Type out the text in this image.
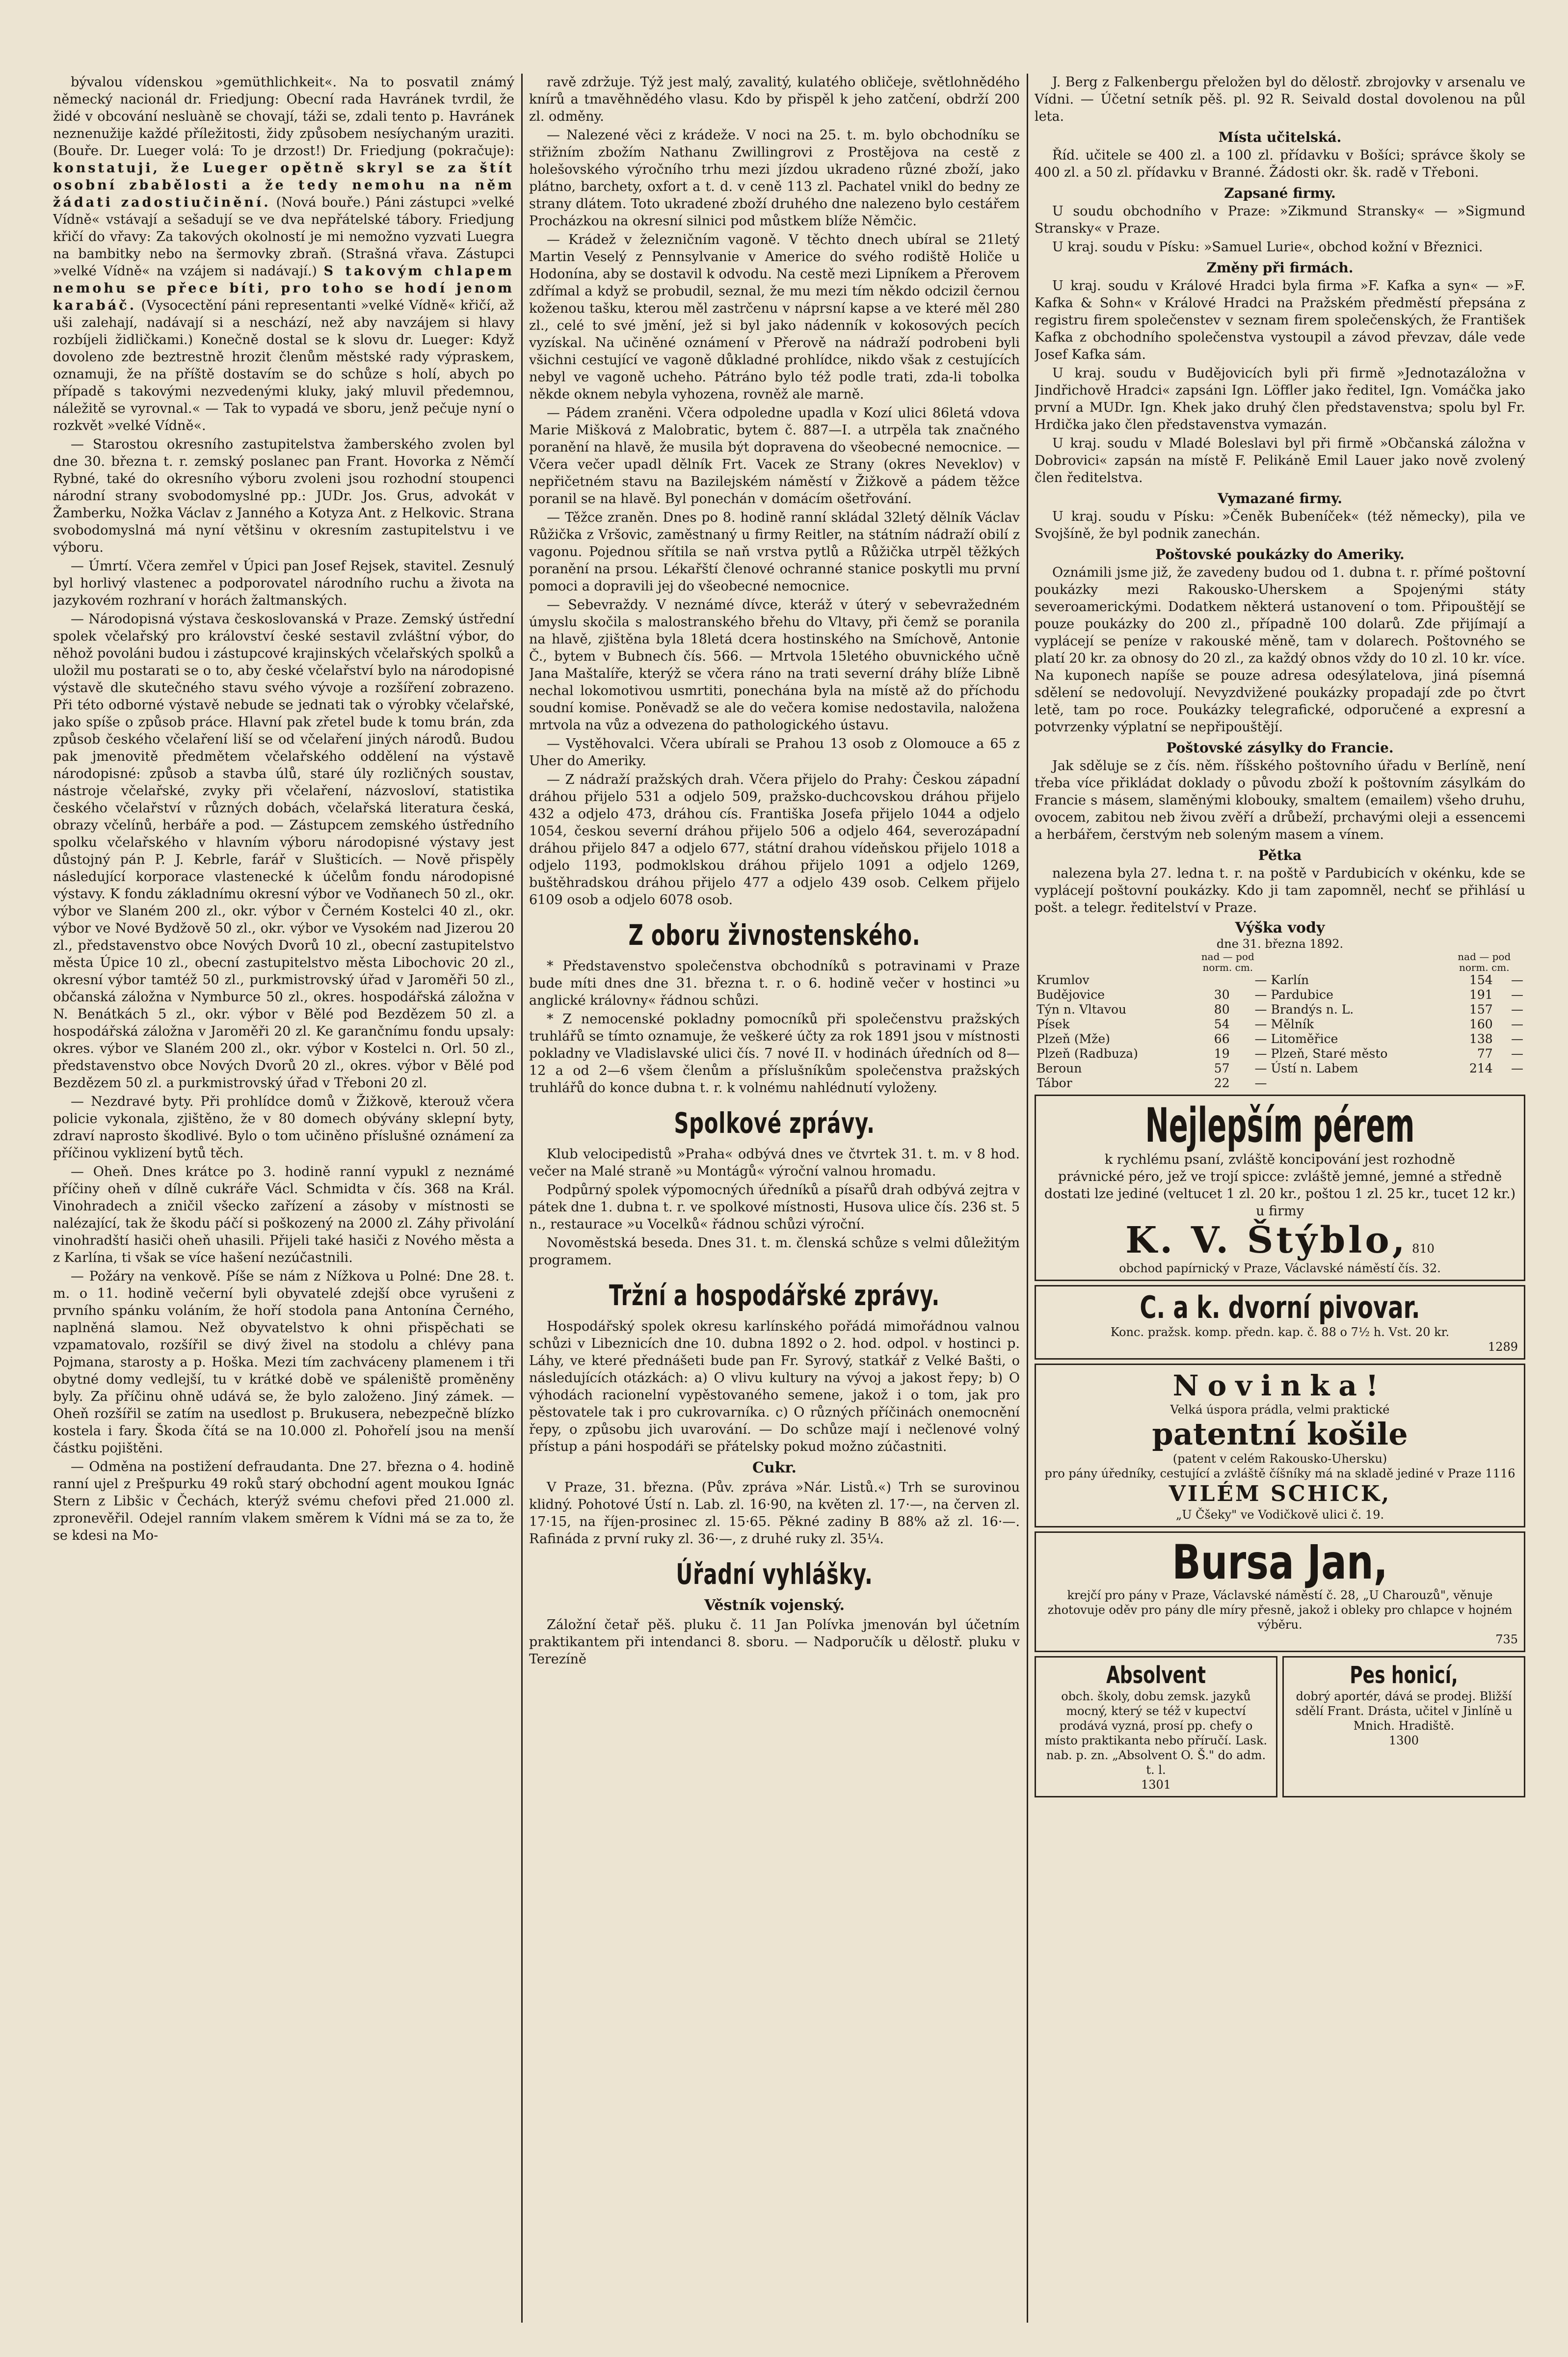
bývalou vídenskou »gemüthlichkeit«. Na to posvatil známý německý nacionál dr. Friedjung: Obecní rada Havránek tvrdil, že židé v obcování nesluàně se chovají, táži se, zdali tento p. Havránek neznenužije každé příležitosti, židy způsobem nesíychaným uraziti. (Bouře. Dr. Lueger volá: To je drzost!) Dr. Friedjung (pokračuje): konstatuji, že Lueger opětně skryl se za štít osobní zbabělosti a že tedy nemohu na něm žádati zadostiučinění. (Nová bouře.) Páni zástupci »velké Vídně« vstávají a sešadují se ve dva nepřátelské tábory. Friedjung křičí do vřavy: Za takových okolností je mi nemožno vyzvati Luegra na bambitky nebo na šermovky zbraň. (Strašná vřava. Zástupci »velké Vídně« na vzájem si nadávají.) S takovým chlapem nemohu se přece bíti, pro toho se hodí jenom karabáč. (Vysocectění páni representanti »velké Vídně« křičí, až uši zalehají, nadávají si a neschází, než aby navzájem si hlavy rozbíjeli židličkami.) Konečně dostal se k slovu dr. Lueger: Když dovoleno zde beztrestně hrozit členům městské rady výpraskem, oznamuji, že na příště dostavím se do schůze s holí, abych po případě s takovými nezvedenými kluky, jaký mluvil předemnou, náležitě se vyrovnal.« — Tak to vypadá ve sboru, jenž pečuje nyní o rozkvět »velké Vídně«.

— Starostou okresního zastupitelstva žamberského zvolen byl dne 30. března t. r. zemský poslanec pan Frant. Hovorka z Němčí Rybné, také do okresního výboru zvoleni jsou rozhodní stoupenci národní strany svobodomyslné pp.: JUDr. Jos. Grus, advokát v Žamberku, Nožka Václav z Janného a Kotyza Ant. z Helkovic. Strana svobodomyslná má nyní většinu v okresním zastupitelstvu i ve výboru.

— Úmrtí. Včera zemřel v Úpici pan Josef Rejsek, stavitel. Zesnulý byl horlivý vlastenec a podporovatel národního ruchu a života na jazykovém rozhraní v horách žaltmanských.

— Národopisná výstava českoslovanská v Praze. Zemský ústřední spolek včelařský pro království české sestavil zvláštní výbor, do něhož povoláni budou i zástupcové krajinských včelařských spolků a uložil mu postarati se o to, aby české včelařství bylo na národopisné výstavě dle skutečného stavu svého vývoje a rozšíření zobrazeno. Při této odborné výstavě nebude se jednati tak o výrobky včelařské, jako spíše o způsob práce. Hlavní pak zřetel bude k tomu brán, zda způsob českého včelaření liší se od včelaření jiných národů. Budou pak jmenovitě předmětem včelařského oddělení na výstavě národopisné: způsob a stavba úlů, staré úly rozličných soustav, nástroje včelařské, zvyky při včelaření, názvosloví, statistika českého včelařství v různých dobách, včelařská literatura česká, obrazy včelínů, herbáře a pod. — Zástupcem zemského ústředního spolku včelařského v hlavním výboru národopisné výstavy jest důstojný pán P. J. Kebrle, farář v Slušticích. — Nově přispěly následující korporace vlastenecké k účelům fondu národopisné výstavy. K fondu základnímu okresní výbor ve Vodňanech 50 zl., okr. výbor ve Slaném 200 zl., okr. výbor v Černém Kostelci 40 zl., okr. výbor ve Nové Bydžově 50 zl., okr. výbor ve Vysokém nad Jizerou 20 zl., představenstvo obce Nových Dvorů 10 zl., obecní zastupitelstvo města Úpice 10 zl., obecní zastupitelstvo města Libochovic 20 zl., okresní výbor tamtéž 50 zl., purkmistrovský úřad v Jaroměři 50 zl., občanská záložna v Nymburce 50 zl., okres. hospodářská záložna v N. Benátkách 5 zl., okr. výbor v Bělé pod Bezdězem 50 zl. a hospodářská záložna v Jaroměři 20 zl. Ke garančnímu fondu upsaly: okres. výbor ve Slaném 200 zl., okr. výbor v Kostelci n. Orl. 50 zl., představenstvo obce Nových Dvorů 20 zl., okres. výbor v Bělé pod Bezdězem 50 zl. a purkmistrovský úřad v Třeboni 20 zl.

— Nezdravé byty. Při prohlídce domů v Žižkově, kterouž včera policie vykonala, zjištěno, že v 80 domech obývány sklepní byty, zdraví naprosto škodlivé. Bylo o tom učiněno příslušné oznámení za příčinou vyklizení bytů těch.

— Oheň. Dnes krátce po 3. hodině ranní vypukl z neznámé příčiny oheň v dílně cukráře Václ. Schmidta v čís. 368 na Král. Vinohradech a zničil všecko zařízení a zásoby v místnosti se nalézající, tak že škodu páčí si poškozený na 2000 zl. Záhy přivolání vinohradští hasiči oheň uhasili. Přijeli také hasiči z Nového města a z Karlína, ti však se více hašení nezúčastnili.

— Požáry na venkově. Píše se nám z Nížkova u Polné: Dne 28. t. m. o 11. hodině večerní byli obyvatelé zdejší obce vyrušeni z prvního spánku voláním, že hoří stodola pana Antonína Černého, naplněná slamou. Než obyvatelstvo k ohni přispěchati se vzpamatovalo, rozšířil se divý živel na stodolu a chlévy pana Pojmana, starosty a p. Hoška. Mezi tím zachváceny plamenem i tři obytné domy vedlejší, tu v krátké době ve spáleniště proměněny byly. Za příčinu ohně udává se, že bylo založeno. Jiný zámek. — Oheň rozšířil se zatím na usedlost p. Brukusera, nebezpečně blízko kostela i fary. Škoda čítá se na 10.000 zl. Pohořelí jsou na menší částku pojištěni.

— Odměna na postižení defraudanta. Dne 27. března o 4. hodině ranní ujel z Prešpurku 49 roků starý obchodní agent moukou Ignác Stern z Libšic v Čechách, kterýž svému chefovi před 21.000 zl. zpronevěřil. Odejel ranním vlakem směrem k Vídni má se za to, že se kdesi na Mo-

ravě zdržuje. Týž jest malý, zavalitý, kulatého obličeje, světlohnědého knírů a tmavěhnědého vlasu. Kdo by přispěl k jeho zatčení, obdrží 200 zl. odměny.

— Nalezené věci z krádeže. V noci na 25. t. m. bylo obchodníku se střižním zbožím Nathanu Zwillingrovi z Prostějova na cestě z holešovského výročního trhu mezi jízdou ukradeno různé zboží, jako plátno, barchety, oxfort a t. d. v ceně 113 zl. Pachatel vnikl do bedny ze strany dlátem. Toto ukradené zboží druhého dne nalezeno bylo cestářem Procházkou na okresní silnici pod můstkem blíže Němčic.

— Krádež v železničním vagoně. V těchto dnech ubíral se 21letý Martin Veselý z Pennsylvanie v Americe do svého rodiště Holiče u Hodonína, aby se dostavil k odvodu. Na cestě mezi Lipníkem a Přerovem zdřímal a když se probudil, seznal, že mu mezi tím někdo odcizil černou koženou tašku, kterou měl zastrčenu v náprsní kapse a ve které měl 280 zl., celé to své jmění, jež si byl jako nádenník v kokosových pecích vyzískal. Na učiněné oznámení v Přerově na nádraží podrobeni byli všichni cestující ve vagoně důkladné prohlídce, nikdo však z cestujících nebyl ve vagoně ucheho. Pátráno bylo též podle trati, zda-li tobolka někde oknem nebyla vyhozena, rovněž ale marně.

— Pádem zraněni. Včera odpoledne upadla v Kozí ulici 86letá vdova Marie Mišková z Malobratic, bytem č. 887—I. a utrpěla tak značného poranění na hlavě, že musila být dopravena do všeobecné nemocnice. — Včera večer upadl dělník Frt. Vacek ze Strany (okres Neveklov) v nepřičetném stavu na Bazilejském náměstí v Žižkově a pádem těžce poranil se na hlavě. Byl ponechán v domácím ošetřování.

— Těžce zraněn. Dnes po 8. hodině ranní skládal 32letý dělník Václav Růžička z Vršovic, zaměstnaný u firmy Reitler, na státním nádraží obilí z vagonu. Pojednou sřítila se naň vrstva pytlů a Růžička utrpěl těžkých poranění na prsou. Lékařští členové ochranné stanice poskytli mu první pomoci a dopravili jej do všeobecné nemocnice.

— Sebevraždy. V neznámé dívce, kteráž v úterý v sebevražedném úmyslu skočila s malostranského břehu do Vltavy, při čemž se poranila na hlavě, zjištěna byla 18letá dcera hostinského na Smíchově, Antonie Č., bytem v Bubnech čís. 566. — Mrtvola 15letého obuvnického učně Jana Maštalíře, kterýž se včera ráno na trati severní dráhy blíže Libně nechal lokomotivou usmrtiti, ponechána byla na místě až do příchodu soudní komise. Poněvadž se ale do večera komise nedostavila, naložena mrtvola na vůz a odvezena do pathologického ústavu.

— Vystěhovalci. Včera ubírali se Prahou 13 osob z Olomouce a 65 z Uher do Ameriky.

— Z nádraží pražských drah. Včera přijelo do Prahy: Českou západní dráhou přijelo 531 a odjelo 509, pražsko-duchcovskou dráhou přijelo 432 a odjelo 473, dráhou cís. Františka Josefa přijelo 1044 a odjelo 1054, českou severní dráhou přijelo 506 a odjelo 464, severozápadní dráhou přijelo 847 a odjelo 677, státní drahou vídeňskou přijelo 1018 a odjelo 1193, podmoklskou dráhou přijelo 1091 a odjelo 1269, buštěhradskou dráhou přijelo 477 a odjelo 439 osob. Celkem přijelo 6109 osob a odjelo 6078 osob.

Z oboru živnostenského.

* Představenstvo společenstva obchodníků s potravinami v Praze bude míti dnes dne 31. března t. r. o 6. hodině večer v hostinci »u anglické královny« řádnou schůzi.

* Z nemocenské pokladny pomocníků při společenstvu pražských truhlářů se tímto oznamuje, že veškeré účty za rok 1891 jsou v místnosti pokladny ve Vladislavské ulici čís. 7 nové II. v hodinách úředních od 8—12 a od 2—6 všem členům a příslušníkům společenstva pražských truhlářů do konce dubna t. r. k volnému nahlédnutí vyloženy.

Spolkové zprávy.

Klub velocipedistů »Praha« odbývá dnes ve čtvrtek 31. t. m. v 8 hod. večer na Malé straně »u Montágů« výroční valnou hromadu.

Podpůrný spolek výpomocných úředníků a písařů drah odbývá zejtra v pátek dne 1. dubna t. r. ve spolkové místnosti, Husova ulice čís. 236 st. 5 n., restaurace »u Vocelků« řádnou schůzi výroční.

Novoměstská beseda. Dnes 31. t. m. členská schůze s velmi důležitým programem.

Tržní a hospodářské zprávy.

Hospodářský spolek okresu karlínského pořádá mimořádnou valnou schůzi v Libeznicích dne 10. dubna 1892 o 2. hod. odpol. v hostinci p. Láhy, ve které přednášeti bude pan Fr. Syrový, statkář z Velké Bašti, o následujících otázkách: a) O vlivu kultury na vývoj a jakost řepy; b) O výhodách racionelní vypěstovaného semene, jakož i o tom, jak pro pěstovatele tak i pro cukrovarníka. c) O různých příčinách onemocnění řepy, o způsobu jich uvarování. — Do schůze mají i nečlenové volný přístup a páni hospodáři se přátelsky pokud možno zúčastniti.

Cukr.

V Praze, 31. března. (Pův. zpráva »Nár. Listů.«) Trh se surovinou klidný. Pohotové Ústí n. Lab. zl. 16·90, na květen zl. 17·—, na červen zl. 17·15, na říjen-prosinec zl. 15·65. Pěkné zadiny B 88% až zl. 16·—. Rafináda z první ruky zl. 36·—, z druhé ruky zl. 35¼.

Úřadní vyhlášky.
Věstník vojenský.

Záložní četař pěš. pluku č. 11 Jan Polívka jmenován byl účetním praktikantem při intendanci 8. sboru. — Nadporučík u dělostř. pluku v Terezíně

J. Berg z Falkenbergu přeložen byl do dělostř. zbrojovky v arsenalu ve Vídni. — Účetní setník pěš. pl. 92 R. Seivald dostal dovolenou na půl leta.

Místa učitelská.

Říd. učitele se 400 zl. a 100 zl. přídavku v Bošíci; správce školy se 400 zl. a 50 zl. přídavku v Branné. Žádosti okr. šk. radě v Třeboni.

Zapsané firmy.

U soudu obchodního v Praze: »Zikmund Stransky« — »Sigmund Stransky« v Praze.

U kraj. soudu v Písku: »Samuel Lurie«, obchod kožní v Březnici.

Změny při firmách.

U kraj. soudu v Králové Hradci byla firma »F. Kafka a syn« — »F. Kafka & Sohn« v Králové Hradci na Pražském předměstí přepsána z registru firem společenstev v seznam firem společenských, že František Kafka z obchodního společenstva vystoupil a závod převzav, dále vede Josef Kafka sám.

U kraj. soudu v Budějovicích byli při firmě »Jednotazáložna v Jindřichově Hradci« zapsáni Ign. Löffler jako ředitel, Ign. Vomáčka jako první a MUDr. Ign. Khek jako druhý člen představenstva; spolu byl Fr. Hrdička jako člen představenstva vymazán.

U kraj. soudu v Mladé Boleslavi byl při firmě »Občanská záložna v Dobrovici« zapsán na místě F. Pelikáně Emil Lauer jako nově zvolený člen ředitelstva.

Vymazané firmy.

U kraj. soudu v Písku: »Čeněk Bubeníček« (též německy), pila ve Svojšíně, že byl podnik zanechán.

Poštovské poukázky do Ameriky.

Oznámili jsme již, že zavedeny budou od 1. dubna t. r. přímé poštovní poukázky mezi Rakousko-Uherskem a Spojenými státy severoamerickými. Dodatkem některá ustanovení o tom. Připouštějí se pouze poukázky do 200 zl., případně 100 dolarů. Zde přijímají a vyplácejí se peníze v rakouské měně, tam v dolarech. Poštovného se platí 20 kr. za obnosy do 20 zl., za každý obnos vždy do 10 zl. 10 kr. více. Na kuponech napíše se pouze adresa odesýlatelova, jiná písemná sdělení se nedovolují. Nevyzdvižené poukázky propadají zde po čtvrt letě, tam po roce. Poukázky telegrafické, odporučené a expresní a potvrzenky výplatní se nepřipouštějí.

Poštovské zásylky do Francie.

Jak sděluje se z čís. něm. říšského poštovního úřadu v Berlíně, není třeba více přikládat doklady o původu zboží k poštovním zásylkám do Francie s másem, slaměnými klobouky, smaltem (emailem) všeho druhu, ovocem, zabitou neb živou zvěří a drůbeží, prchavými oleji a essencemi a herbářem, čerstvým neb soleným masem a vínem.

Pětka

nalezena byla 27. ledna t. r. na poště v Pardubicích v okénku, kde se vyplácejí poštovní poukázky. Kdo ji tam zapomněl, nechť se přihlásí u pošt. a telegr. ředitelství v Praze.

Výška vody
dne 31. března 1892.
	nad — pod			nad — pod	
	norm. cm.			norm. cm.	
Krumlov		—	Karlín	154	—
Budějovice	30	—	Pardubice	191	—
Týn n. Vltavou	80	—	Brandýs n. L.	157	—
Písek	54	—	Mělník	160	—
Plzeň (Mže)	66	—	Litoměřice	138	—
Plzeň (Radbuza)	19	—	Plzeň, Staré město	77	—
Beroun	57	—	Ústí n. Labem	214	—
Tábor	22	—			
Nejlepším pérem
k rychlému psaní, zvláště koncipování jest rozhodně
právnické péro, jež ve trojí spicce: zvláště jemné, jemné a středně dostati lze jediné (veltucet 1 zl. 20 kr., poštou 1 zl. 25 kr., tucet 12 kr.) u firmy
K. V. Štýblo, 810
obchod papírnický v Praze, Václavské náměstí čís. 32.
C. a k. dvorní pivovar.
Konc. pražsk. komp. předn. kap. č. 88 o 7½ h. Vst. 20 kr.
1289
Novinka!
Velká úspora prádla, velmi praktické
patentní košile
(patent v celém Rakousko-Uhersku)
pro pány úředníky, cestující a zvláště číšníky má na skladě jediné v Praze 1116
VILÉM SCHICK,
„U Čšeky" ve Vodičkově ulici č. 19.
Bursa Jan,
krejčí pro pány v Praze, Václavské náměstí č. 28, „U Charouzů", věnuje zhotovuje oděv pro pány dle míry přesně, jakož i obleky pro chlapce v hojném výběru.
735
Absolvent
obch. školy, dobu zemsk. jazyků mocný, který se též v kupectví prodává vyzná, prosí pp. chefy o místo praktikanta nebo příručí. Lask. nab. p. zn. „Absolvent O. Š." do adm. t. l.
1301
Pes honicí,
dobrý aportér, dává se prodej. Bližší sdělí Frant. Drásta, učitel v Jinlíně u Mnich. Hradiště.
1300
